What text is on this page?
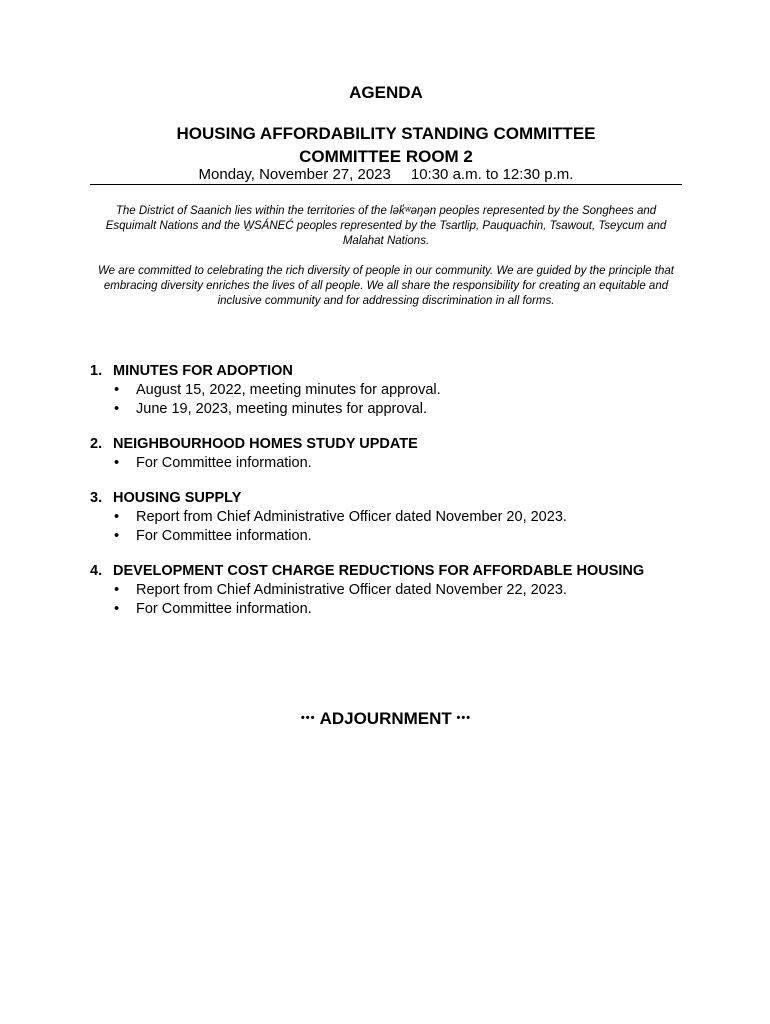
AGENDA
HOUSING AFFORDABILITY STANDING COMMITTEE
COMMITTEE ROOM 2
Monday, November 27, 2023 10:30 a.m. to 12:30 p.m.
The District of Saanich lies within the territories of the lək̓ʷəŋən peoples represented by the Songhees and Esquimalt Nations and the W̱SÁNEĆ peoples represented by the Tsartlip, Pauquachin, Tsawout, Tseycum and Malahat Nations.
We are committed to celebrating the rich diversity of people in our community. We are guided by the principle that embracing diversity enriches the lives of all people. We all share the responsibility for creating an equitable and inclusive community and for addressing discrimination in all forms.
1. MINUTES FOR ADOPTION
•	August 15, 2022, meeting minutes for approval.
•	June 19, 2023, meeting minutes for approval.
2. NEIGHBOURHOOD HOMES STUDY UPDATE
•	For Committee information.
3. HOUSING SUPPLY
•	Report from Chief Administrative Officer dated November 20, 2023.
•	For Committee information.
4. DEVELOPMENT COST CHARGE REDUCTIONS FOR AFFORDABLE HOUSING
•	Report from Chief Administrative Officer dated November 22, 2023.
•	For Committee information.
••• ADJOURNMENT •••
